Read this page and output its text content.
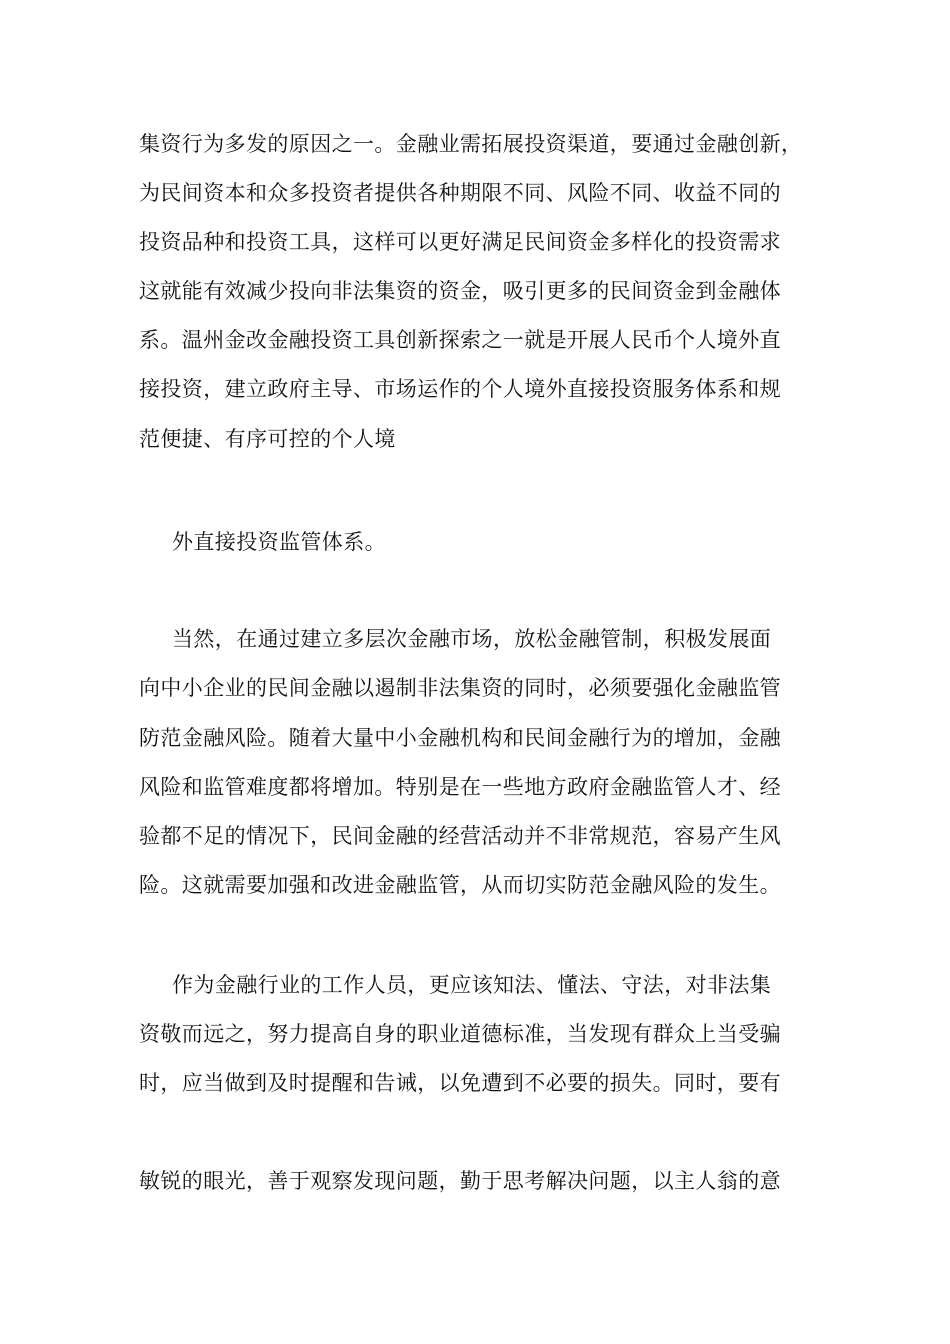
集资行为多发的原因之一。金融业需拓展投资渠道，要通过金融创新，
为民间资本和众多投资者提供各种期限不同、风险不同、收益不同的
投资品种和投资工具，这样可以更好满足民间资金多样化的投资需求
这就能有效减少投向非法集资的资金，吸引更多的民间资金到金融体
系。温州金改金融投资工具创新探索之一就是开展人民币个人境外直
接投资，建立政府主导、市场运作的个人境外直接投资服务体系和规
范便捷、有序可控的个人境
外直接投资监管体系。
当然，在通过建立多层次金融市场，放松金融管制，积极发展面
向中小企业的民间金融以遏制非法集资的同时，必须要强化金融监管
防范金融风险。随着大量中小金融机构和民间金融行为的增加，金融
风险和监管难度都将增加。特别是在一些地方政府金融监管人才、经
验都不足的情况下，民间金融的经营活动并不非常规范，容易产生风
险。这就需要加强和改进金融监管，从而切实防范金融风险的发生。
作为金融行业的工作人员，更应该知法、懂法、守法，对非法集
资敬而远之，努力提高自身的职业道德标准，当发现有群众上当受骗
时，应当做到及时提醒和告诫，以免遭到不必要的损失。同时，要有
敏锐的眼光，善于观察发现问题，勤于思考解决问题，以主人翁的意
